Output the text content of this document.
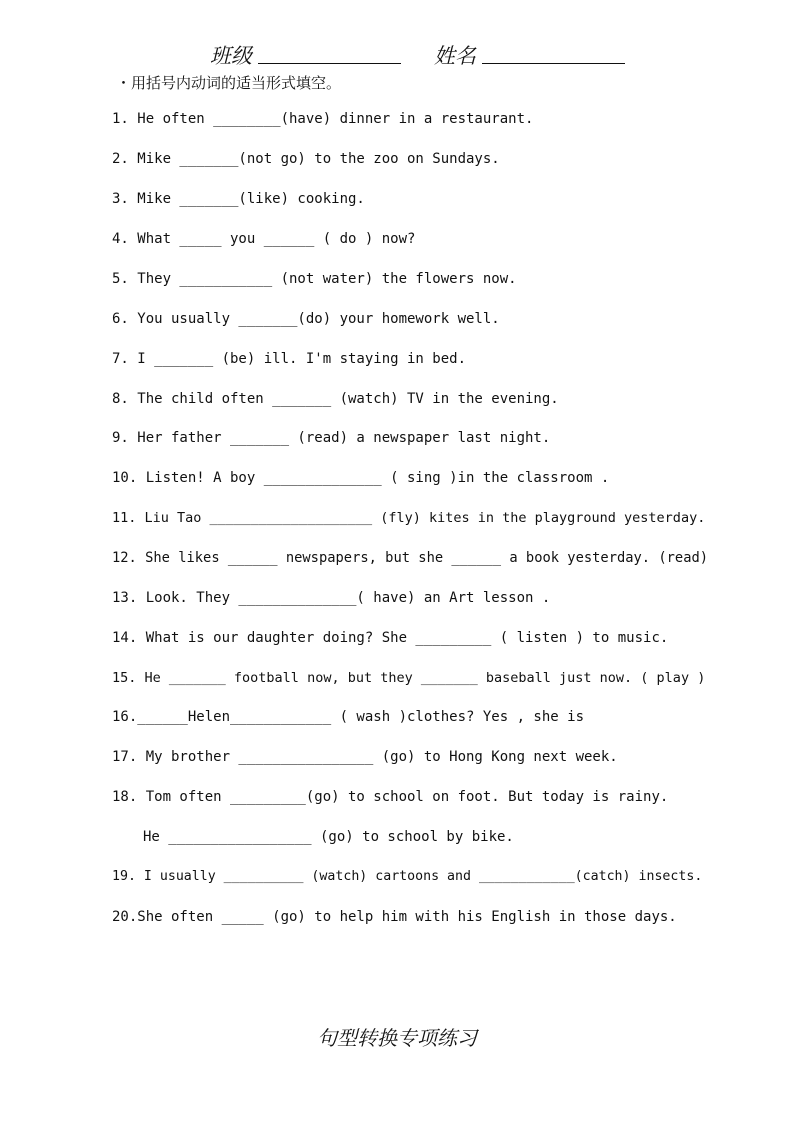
班级	姓名
・用括号内动词的适当形式填空。
1. He often ________(have) dinner in a restaurant.
2. Mike _______(not go) to the zoo on Sundays.
3. Mike _______(like) cooking.
4. What _____ you ______ ( do ) now?
5. They ___________ (not water) the flowers now.
6. You usually _______(do) your homework well.
7. I _______ (be) ill. I'm staying in bed.
8. The child often _______ (watch) TV in the evening.
9. Her father _______ (read) a newspaper last night.
10. Listen! A boy ______________ ( sing )in the classroom .
11. Liu Tao ____________________ (fly) kites in the playground yesterday.
12. She likes ______ newspapers, but she ______ a book yesterday. (read)
13. Look. They ______________( have) an Art lesson .
14. What is our daughter doing? She _________ ( listen ) to music.
15. He _______ football now, but they _______ baseball just now. ( play )
16.______Helen____________ ( wash )clothes? Yes , she is
17. My brother ________________ (go) to Hong Kong next week.
18. Tom often _________(go) to school on foot. But today is rainy.
He _________________ (go) to school by bike.
19. I usually __________ (watch) cartoons and ____________(catch) insects.
20.She often _____ (go) to help him with his English in those days.
句型转换专项练习
